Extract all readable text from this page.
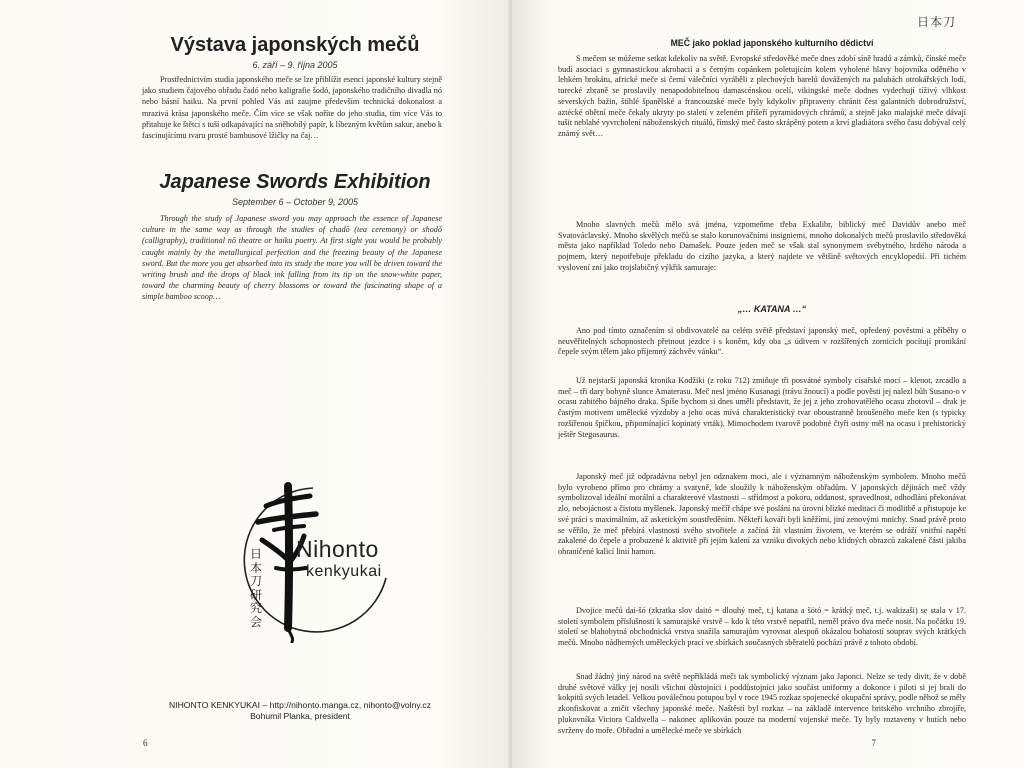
Výstava japonských mečů
6. září – 9. října 2005
Prostřednictvím studia japonského meče se lze přiblížit esenci japonské kultury stejně jako studiem čajového obřadu čadó nebo kaligrafie šodó, japonského tradičního divadla nó nebo básní haiku. Na první pohled Vás asi zaujme především technická dokonalost a mrazivá krása japonského meče. Čím více se však noříte do jeho studia, tím více Vás to přitahuje ke štětci s tuší odkapávající na sněhobílý papír, k líbezným květům sakur, anebo k fascinujícímu tvaru prosté bambusové lžičky na čaj…
Japanese Swords Exhibition
September 6 – October 9, 2005
Through the study of Japanese sword you may approach the essence of Japanese culture in the same way as through the studies of chadō (tea ceremony) or shodō (calligraphy), traditional nō theatre or haiku poetry. At first sight you would be probably caught mainly by the metallurgical perfection and the freezing beauty of the Japanese sword. But the more you get absorbed into its study the more you will be driven toward the writing brush and the drops of black ink falling from its tip on the snow-white paper, toward the charming beauty of cherry blossoms or toward the fascinating shape of a simple bamboo scoop…
日
本
刀
研
究
会
Nihonto
kenkyukai
NIHONTO KENKYUKAI – http://nihonto.manga.cz, nihonto@volny.cz
Bohumil Planka, president
6
日本刀
MEČ jako poklad japonského kulturního dědictví

S mečem se můžeme setkat kdekoliv na světě. Evropské středověké meče dnes zdobí síně hradů a zámků, čínské meče budí asociaci s gymnastickou akrobacií a s černým copánkem poletujícím kolem vyholené hlavy bojovníka oděného v lehkém brokátu, africké meče si černí válečníci vyráběli z plechových barelů dovážených na palubách otrokářských lodí, turecké zbraně se proslavily nenapodobitelnou damascénskou ocelí, vikingské meče dodnes vydechují tíživý vlhkost severských bažin, štíhlé španělské a francouzské meče byly kdykoliv připraveny chránit čest galantních dobrodružství, aztécké obětní meče čekaly ukryty po staletí v zeleném příšeří pyramidových chrámů, a stejně jako malajské meče dávají tušit neblahé vyvrcholení náboženských rituálů, římský meč často skrápěný potem a krví gladiátora svého času dobýval celý známý svět…

Mnoho slavných mečů mělo svá jména, vzpomeňme třeba Exkalibr, biblický meč Davidův anebo meč Svatováclavský. Mnoho skvělých mečů se stalo korunovačními insigniemi, mnoho dokonalých mečů proslavilo středověká města jako například Toledo nebo Damašek. Pouze jeden meč se však stal synonymem svébytného, hrdého národa a pojmem, který nepotřebuje překladu do cizího jazyka, a který najdete ve většině světových encyklopedií. Při tichém vyslovení zní jako trojslabičný výkřik samuraje:

„… KATANA …“

Ano pod tímto označením si obdivovatelé na celém světě představí japonský meč, opředený pověstmi a příběhy o neuvěřitelných schopnostech přetnout jezdce i s koněm, kdy oba „s údivem v rozšířených zornicích pocítují pronikání čepele svým tělem jako příjemný záchvěv vánku“.

Už nejstarší japonská kronika Kodžiki (z roku 712) zmiňuje tři posvátné symboly císařské moci – klenot, zrcadlo a meč – tři dary bohyně slunce Amaterasu. Meč nesl jméno Kusanagi (trávu žnoucí) a podle pověsti jej nalezl bůh Susano-o v ocasu zabitého bájného draka. Spíše bychom si dnes uměli představit, že jej z jeho zrohovatělého ocasu zhotovil – drak je častým motivem umělecké výzdoby a jeho ocas mívá charakteristický tvar oboustranně broušeného meče ken (s typicky rozšířenou špičkou, připomínající kopinatý vrták). Mimochodem tvarově podobné čtyři ostny měl na ocasu i prehistorický ještěr Stegosaurus.

Japonský meč již odpradávna nebyl jen odznakem moci, ale i významným náboženským symbolem. Mnoho mečů bylo vyrobeno přímo pro chrámy a svatyně, kde sloužily k náboženským obřadům. V japonských dějinách meč vždy symbolizoval ideální morální a charakterové vlastnosti – střídmost a pokoru, oddanost, spravedlnost, odhodlání překonávat zlo, nebojácnost a čistotu myšlenek. Japonský mečíř chápe své poslání na úrovni blízké meditaci či modlitbě a přistupuje ke své práci s maximálním, až asketickým soustředěním. Někteří kováři byli kněžími, jiní zenovými mnichy. Snad právě proto se věřilo, že meč přebírá vlastnosti svého stvořitele a začíná žít vlastním životem, ve kterém se odráží vnitřní napětí zakalené do čepele a probuzené k aktivitě při jejím kalení za vzniku divokých nebo klidných obrazců zakalené části jakiba ohraničené kalicí linií hamon.

Dvojice mečů dai-šó (zkratka slov daitó = dlouhý meč, t.j katana a šótó = krátký meč, t.j. wakizaši) se stala v 17. století symbolem příslušnosti k samurajské vrstvě – kdo k této vrstvě nepatřil, neměl právo dva meče nosit. Na počátku 19. století se blahobytná obchodnická vrstva snažila samurajům vyrovnat alespoň okázalou bohatostí souprav svých krátkých mečů. Mnoho nádherných uměleckých prací ve sbírkách současných sběratelů pochází právě z tohoto období.

Snad žádný jiný národ na světě nepřikládá meči tak symbolický význam jako Japonci. Nelze se tedy divit, že v době druhé světové války jej nosili všichni důstojníci i poddůstojníci jako součást uniformy a dokonce i piloti si jej brali do kokpitů svých letadel. Velkou poválečnou potupou byl v roce 1945 rozkaz spojenecké okupační správy, podle něhož se měly zkonfiskovat a zničit všechny japonské meče. Naštěstí byl rozkaz – na základě intervence britského vrchního zbrojíře, plukovníka Victora Caldwella – nakonec aplikován pouze na moderní vojenské meče. Ty byly roztaveny v hutích nebo svrženy do moře. Obřadní a umělecké meče ve sbírkách

7
